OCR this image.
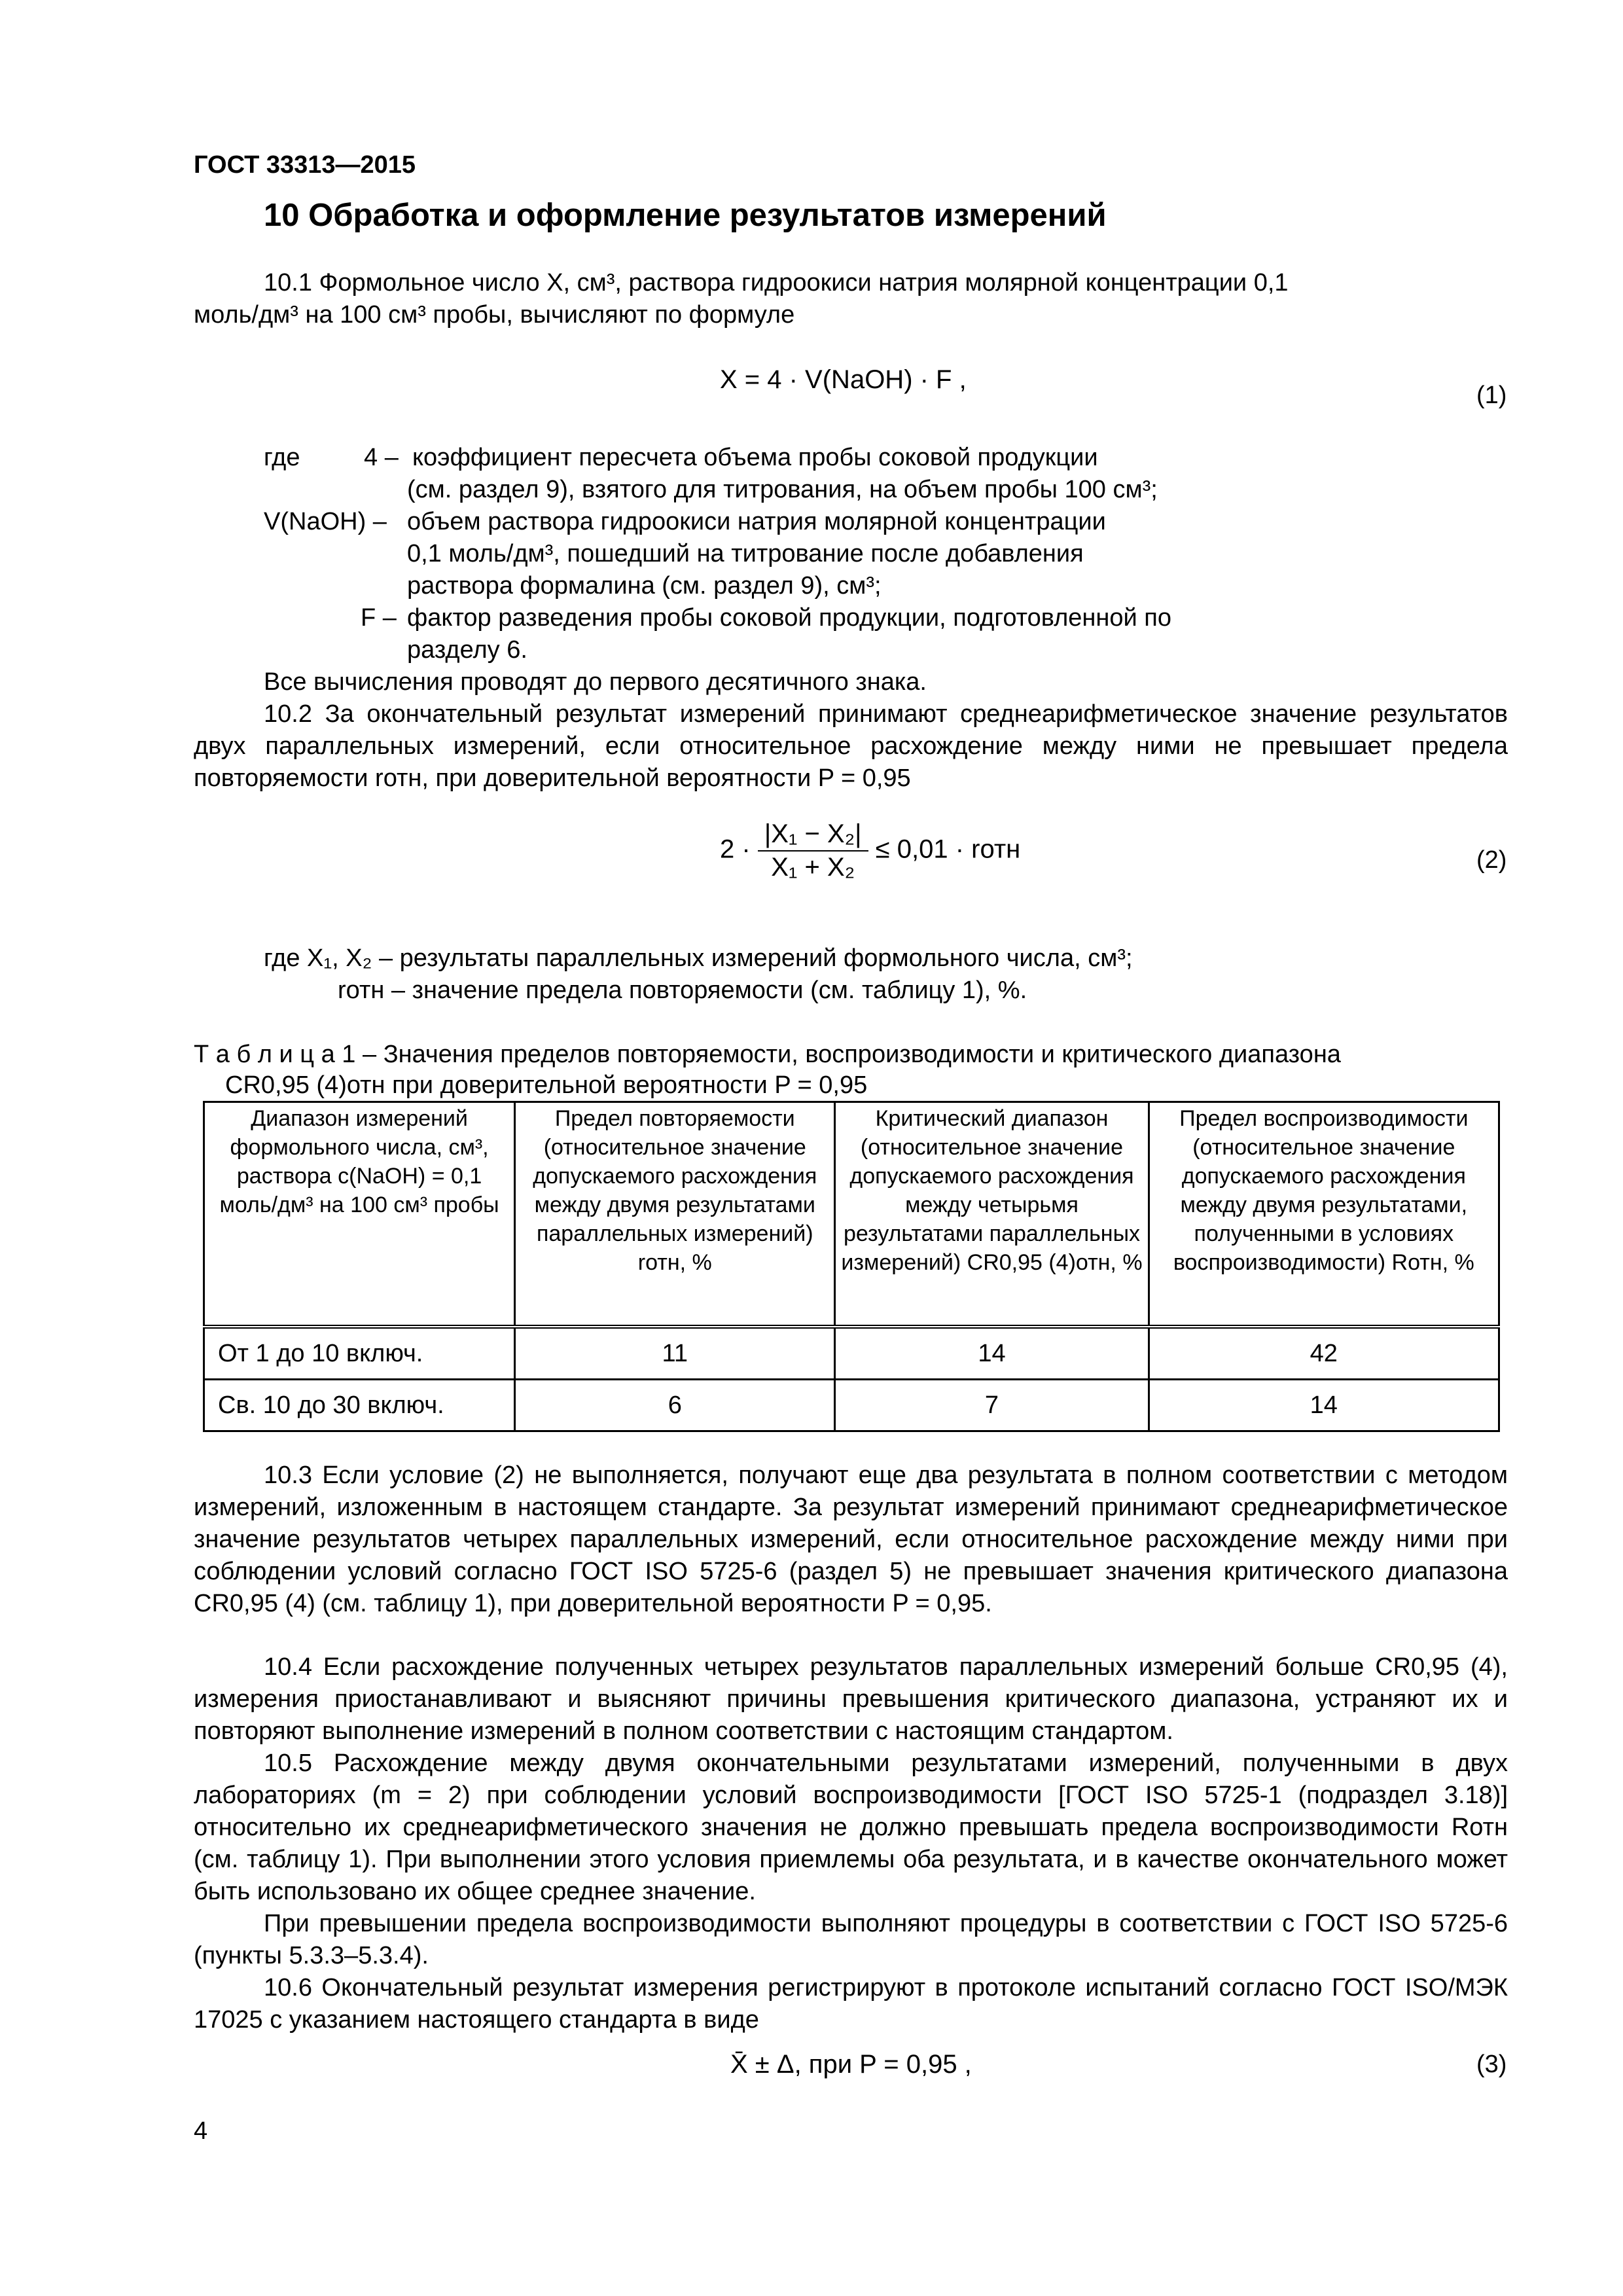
ГОСТ 33313—2015
10 Обработка и оформление результатов измерений
10.1 Формольное число X, см³, раствора гидроокиси натрия молярной концентрации 0,1
моль/дм³ на 100 см³ пробы, вычисляют по формуле
X = 4 · V(NaOH) · F ,
(1)
где	4 – коэффициент пересчета объема пробы соковой продукции
(см. раздел 9), взятого для титрования, на объем пробы 100 см³;
V(NaOH) – объем раствора гидроокиси натрия молярной концентрации
0,1 моль/дм³, пошедший на титрование после добавления
раствора формалина (см. раздел 9), см³;
F – фактор разведения пробы соковой продукции, подготовленной по
разделу 6.
Все вычисления проводят до первого десятичного знака.
10.2 За окончательный результат измерений принимают среднеарифметическое значение результатов двух параллельных измерений, если относительное расхождение между ними не превышает предела повторяемости rотн, при доверительной вероятности P = 0,95
$2 \cdot \frac{\text{|X₁ − X₂|}}{\text{X₁ + X₂}} \le 0,01$ · rотн	(2)
где X₁, X₂ – результаты параллельных измерений формольного числа, см³;
rотн – значение предела повторяемости (см. таблицу 1), %.
Т а б л и ц а 1 – Значения пределов повторяемости, воспроизводимости и критического диапазона
CR0,95 (4)отн при доверительной вероятности P = 0,95
Диапазон измерений формольного числа, см³, раствора c(NaOH) = 0,1 моль/дм³ на 100 см³ пробы	Предел повторяемости (относительное значение допускаемого расхождения между двумя результатами параллельных измерений) rотн, %	Критический диапазон (относительное значение допускаемого расхождения между четырьмя результатами параллельных измерений) CR0,95 (4)отн, %	Предел воспроизводимости (относительное значение допускаемого расхождения между двумя результатами, полученными в условиях воспроизводимости) Rотн, %
От 1 до 10 включ.	11	14	42
Св. 10 до 30 включ.	6	7	14
10.3 Если условие (2) не выполняется, получают еще два результата в полном соответствии с методом измерений, изложенным в настоящем стандарте. За результат измерений принимают среднеарифметическое значение результатов четырех параллельных измерений, если относительное расхождение между ними при соблюдении условий согласно ГОСТ ISO 5725-6 (раздел 5) не превышает значения критического диапазона CR0,95 (4) (см. таблицу 1), при доверительной вероятности P = 0,95.
10.4 Если расхождение полученных четырех результатов параллельных измерений больше CR0,95 (4), измерения приостанавливают и выясняют причины превышения критического диапазона, устраняют их и повторяют выполнение измерений в полном соответствии с настоящим стандартом.
10.5 Расхождение между двумя окончательными результатами измерений, полученными в двух лабораториях (m = 2) при соблюдении условий воспроизводимости [ГОСТ ISO 5725-1 (подраздел 3.18)] относительно их среднеарифметического значения не должно превышать предела воспроизводимости Rотн (см. таблицу 1). При выполнении этого условия приемлемы оба результата, и в качестве окончательного может быть использовано их общее среднее значение.
При превышении предела воспроизводимости выполняют процедуры в соответствии с ГОСТ ISO 5725-6 (пункты 5.3.3–5.3.4).
10.6 Окончательный результат измерения регистрируют в протоколе испытаний согласно ГОСТ ISO/МЭК 17025 с указанием настоящего стандарта в виде
X̄ ± Δ, при P = 0,95 ,	(3)
4
